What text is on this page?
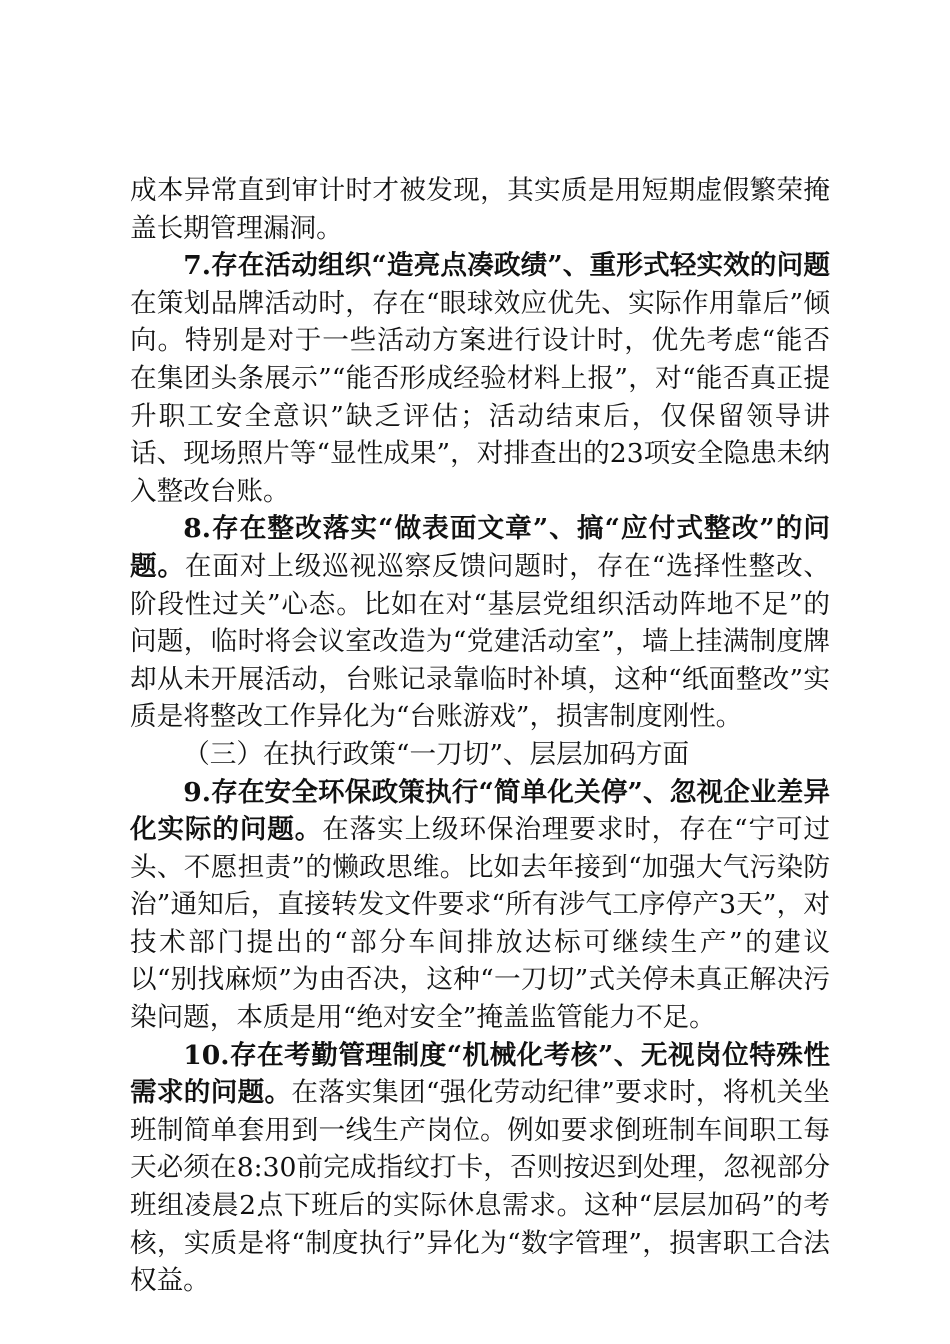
成本异常直到审计时才被发现，其实质是用短期虚假繁荣掩盖长期管理漏洞。

7.存在活动组织“造亮点凑政绩”、重形式轻实效的问题在策划品牌活动时，存在“眼球效应优先、实际作用靠后”倾向。特别是对于一些活动方案进行设计时，优先考虑“能否在集团头条展示”“能否形成经验材料上报”，对“能否真正提升职工安全意识”缺乏评估；活动结束后，仅保留领导讲话、现场照片等“显性成果”，对排查出的23项安全隐患未纳入整改台账。

8.存在整改落实“做表面文章”、搞“应付式整改”的问题。在面对上级巡视巡察反馈问题时，存在“选择性整改、阶段性过关”心态。比如在对“基层党组织活动阵地不足”的问题，临时将会议室改造为“党建活动室”，墙上挂满制度牌却从未开展活动，台账记录靠临时补填，这种“纸面整改”实质是将整改工作异化为“台账游戏”，损害制度刚性。

（三）在执行政策“一刀切”、层层加码方面

9.存在安全环保政策执行“简单化关停”、忽视企业差异化实际的问题。在落实上级环保治理要求时，存在“宁可过头、不愿担责”的懒政思维。比如去年接到“加强大气污染防治”通知后，直接转发文件要求“所有涉气工序停产3天”，对技术部门提出的“部分车间排放达标可继续生产”的建议以“别找麻烦”为由否决，这种“一刀切”式关停未真正解决污染问题，本质是用“绝对安全”掩盖监管能力不足。

10.存在考勤管理制度“机械化考核”、无视岗位特殊性需求的问题。在落实集团“强化劳动纪律”要求时，将机关坐班制简单套用到一线生产岗位。例如要求倒班制车间职工每天必须在8:30前完成指纹打卡，否则按迟到处理，忽视部分班组凌晨2点下班后的实际休息需求。这种“层层加码”的考核，实质是将“制度执行”异化为“数字管理”，损害职工合法权益。
